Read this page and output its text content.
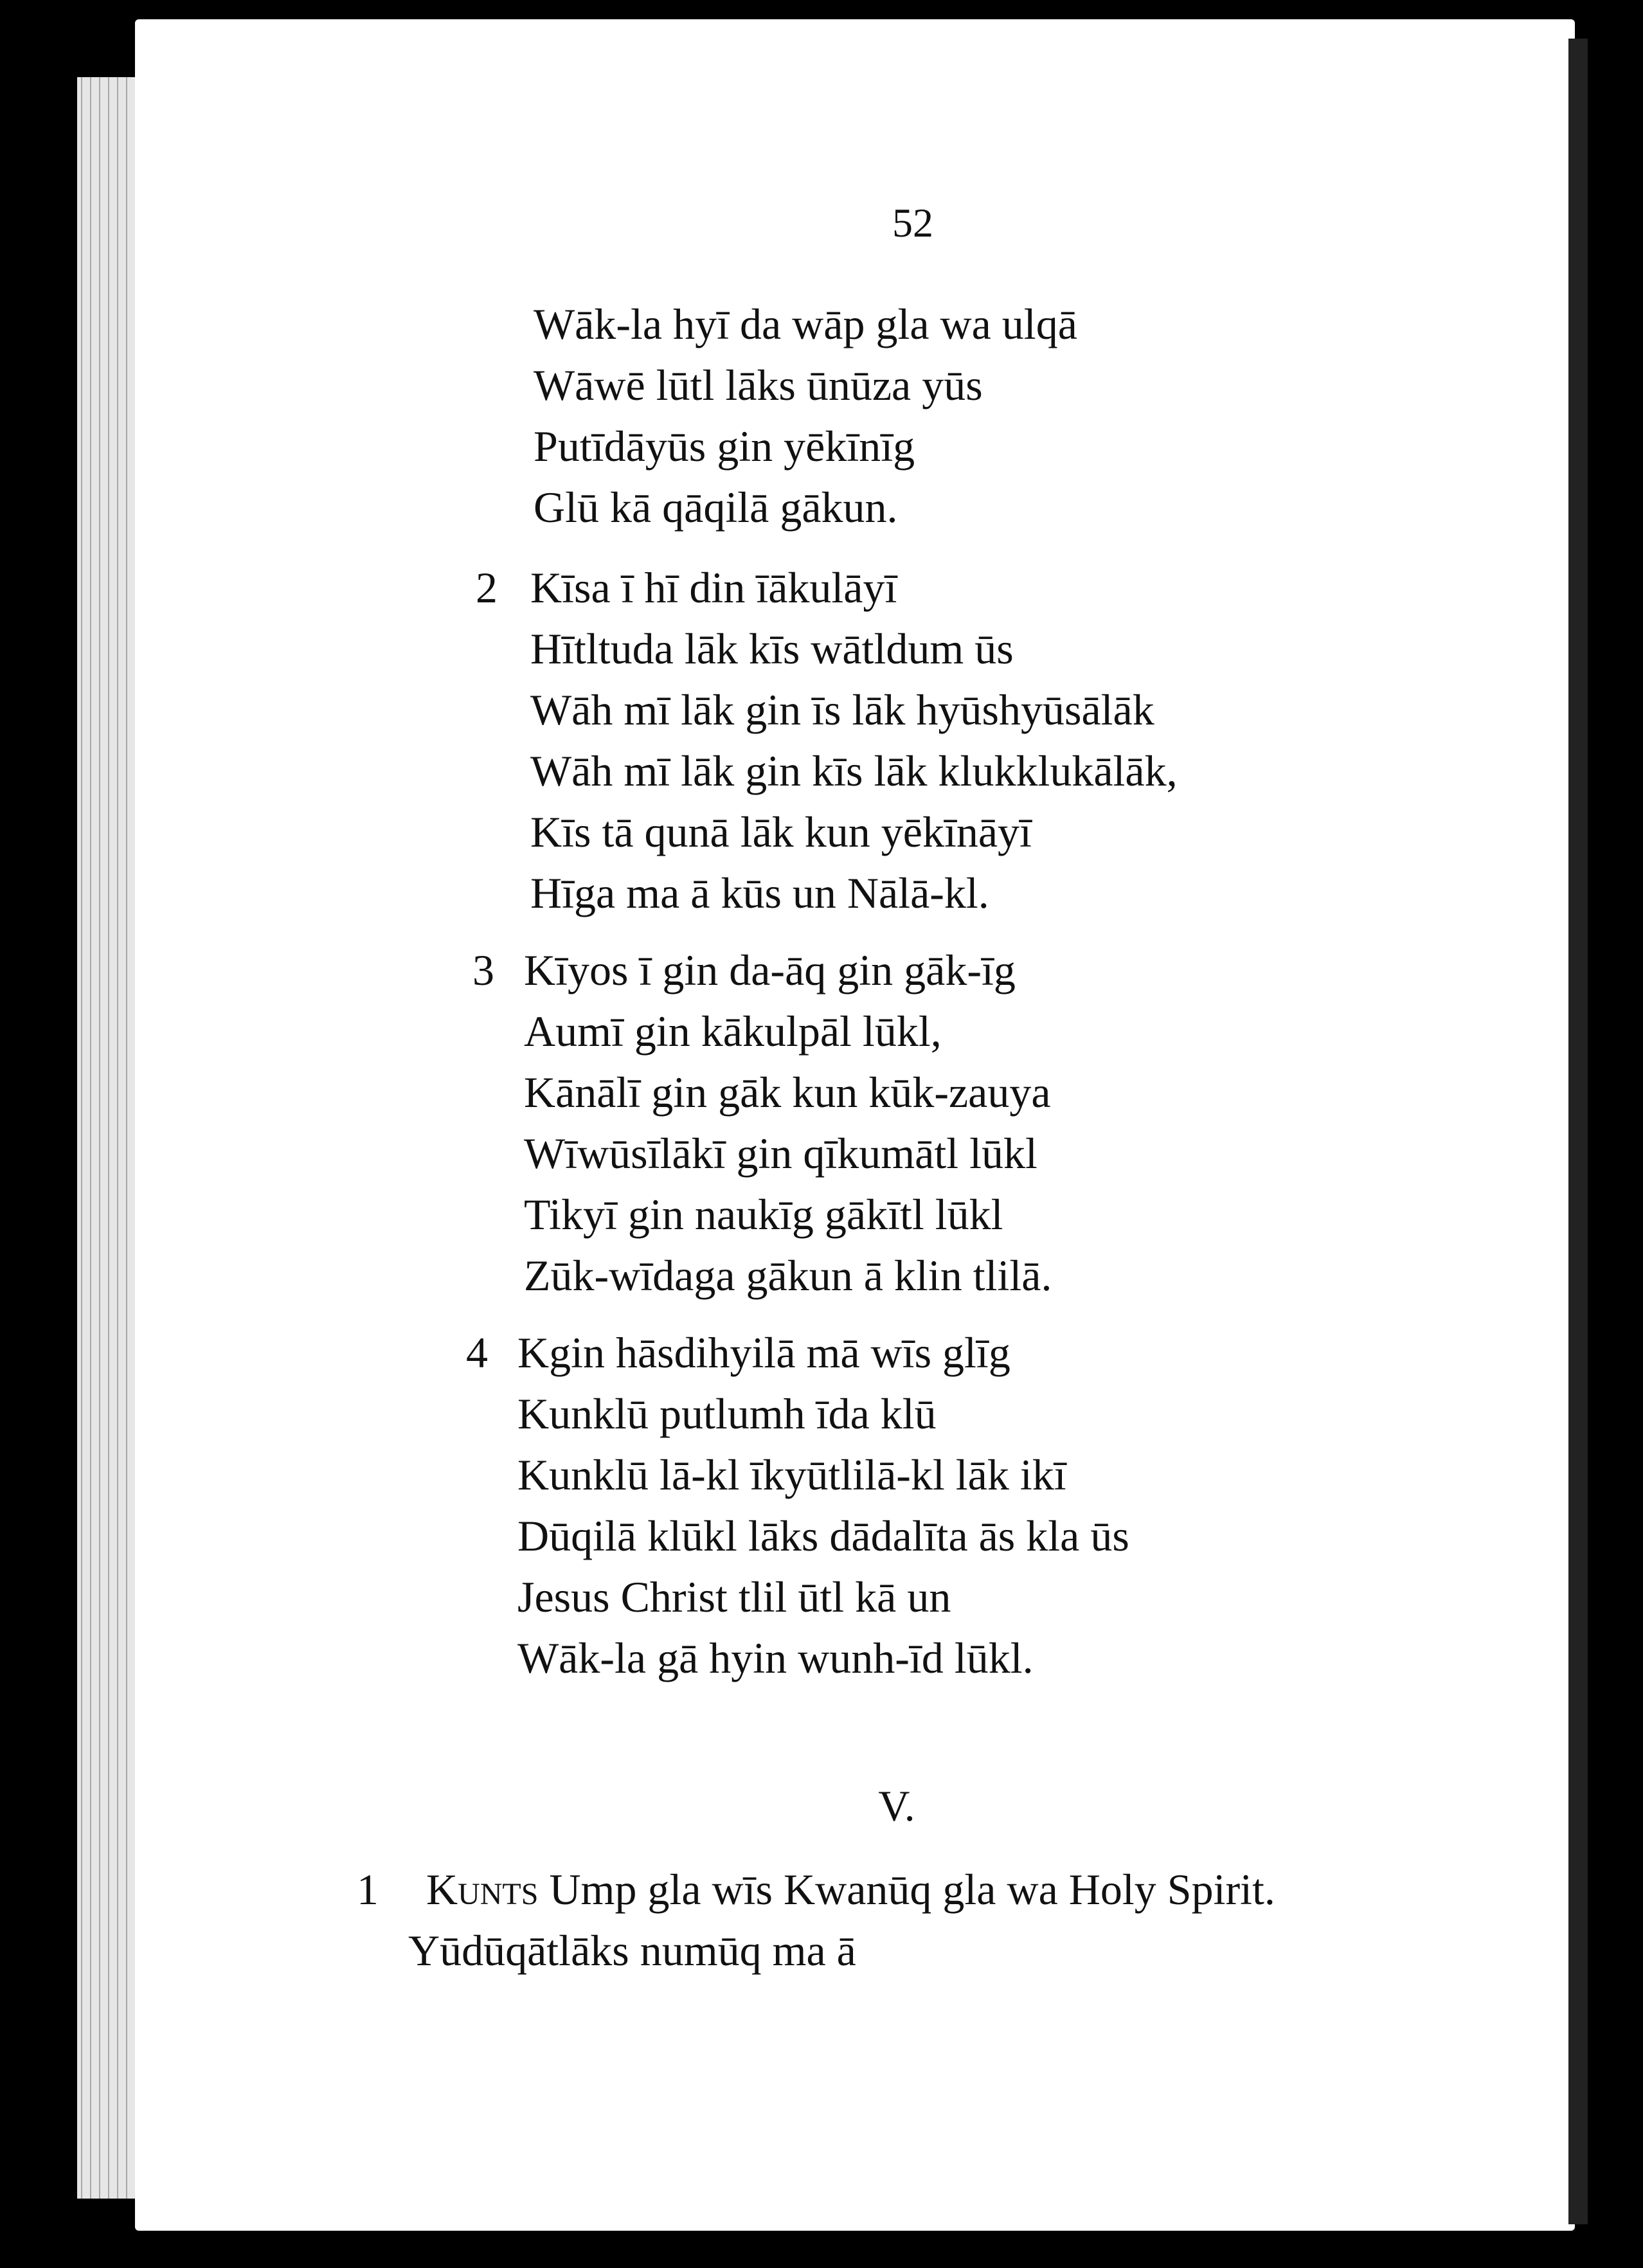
52
Wāk-la hyī da wāp gla wa ulqā
Wāwē lūtl lāks ūnūza yūs
Putīdāyūs gin yēkīnīg
Glū kā qāqilā gākun.
2 Kīsa ī hī din īākulāyī
Hītltuda lāk kīs wātldum ūs
Wāh mī lāk gin īs lāk hyūshyūsālāk
Wāh mī lāk gin kīs lāk klukklukālāk,
Kīs tā qunā lāk kun yēkīnāyī
Hīga ma ā kūs un Nālā-kl.
3 Kīyos ī gin da-āq gin gāk-īg
Aumī gin kākulpāl lūkl,
Kānālī gin gāk kun kūk-zauya
Wīwūsīlākī gin qīkumātl lūkl
Tikyī gin naukīg gākītl lūkl
Zūk-wīdaga gākun ā klin tlilā.
4 Kgin hāsdihyilā mā wīs glīg
Kunklū putlumh īda klū
Kunklū lā-kl īkyūtlilā-kl lāk ikī
Dūqilā klūkl lāks dādalīta ās kla ūs
Jesus Christ tlil ūtl kā un
Wāk-la gā hyin wunh-īd lūkl.
V.
1 Kunts Ump gla wīs Kwanūq gla wa Holy Spirit.
Yūdūqātlāks numūq ma ā
